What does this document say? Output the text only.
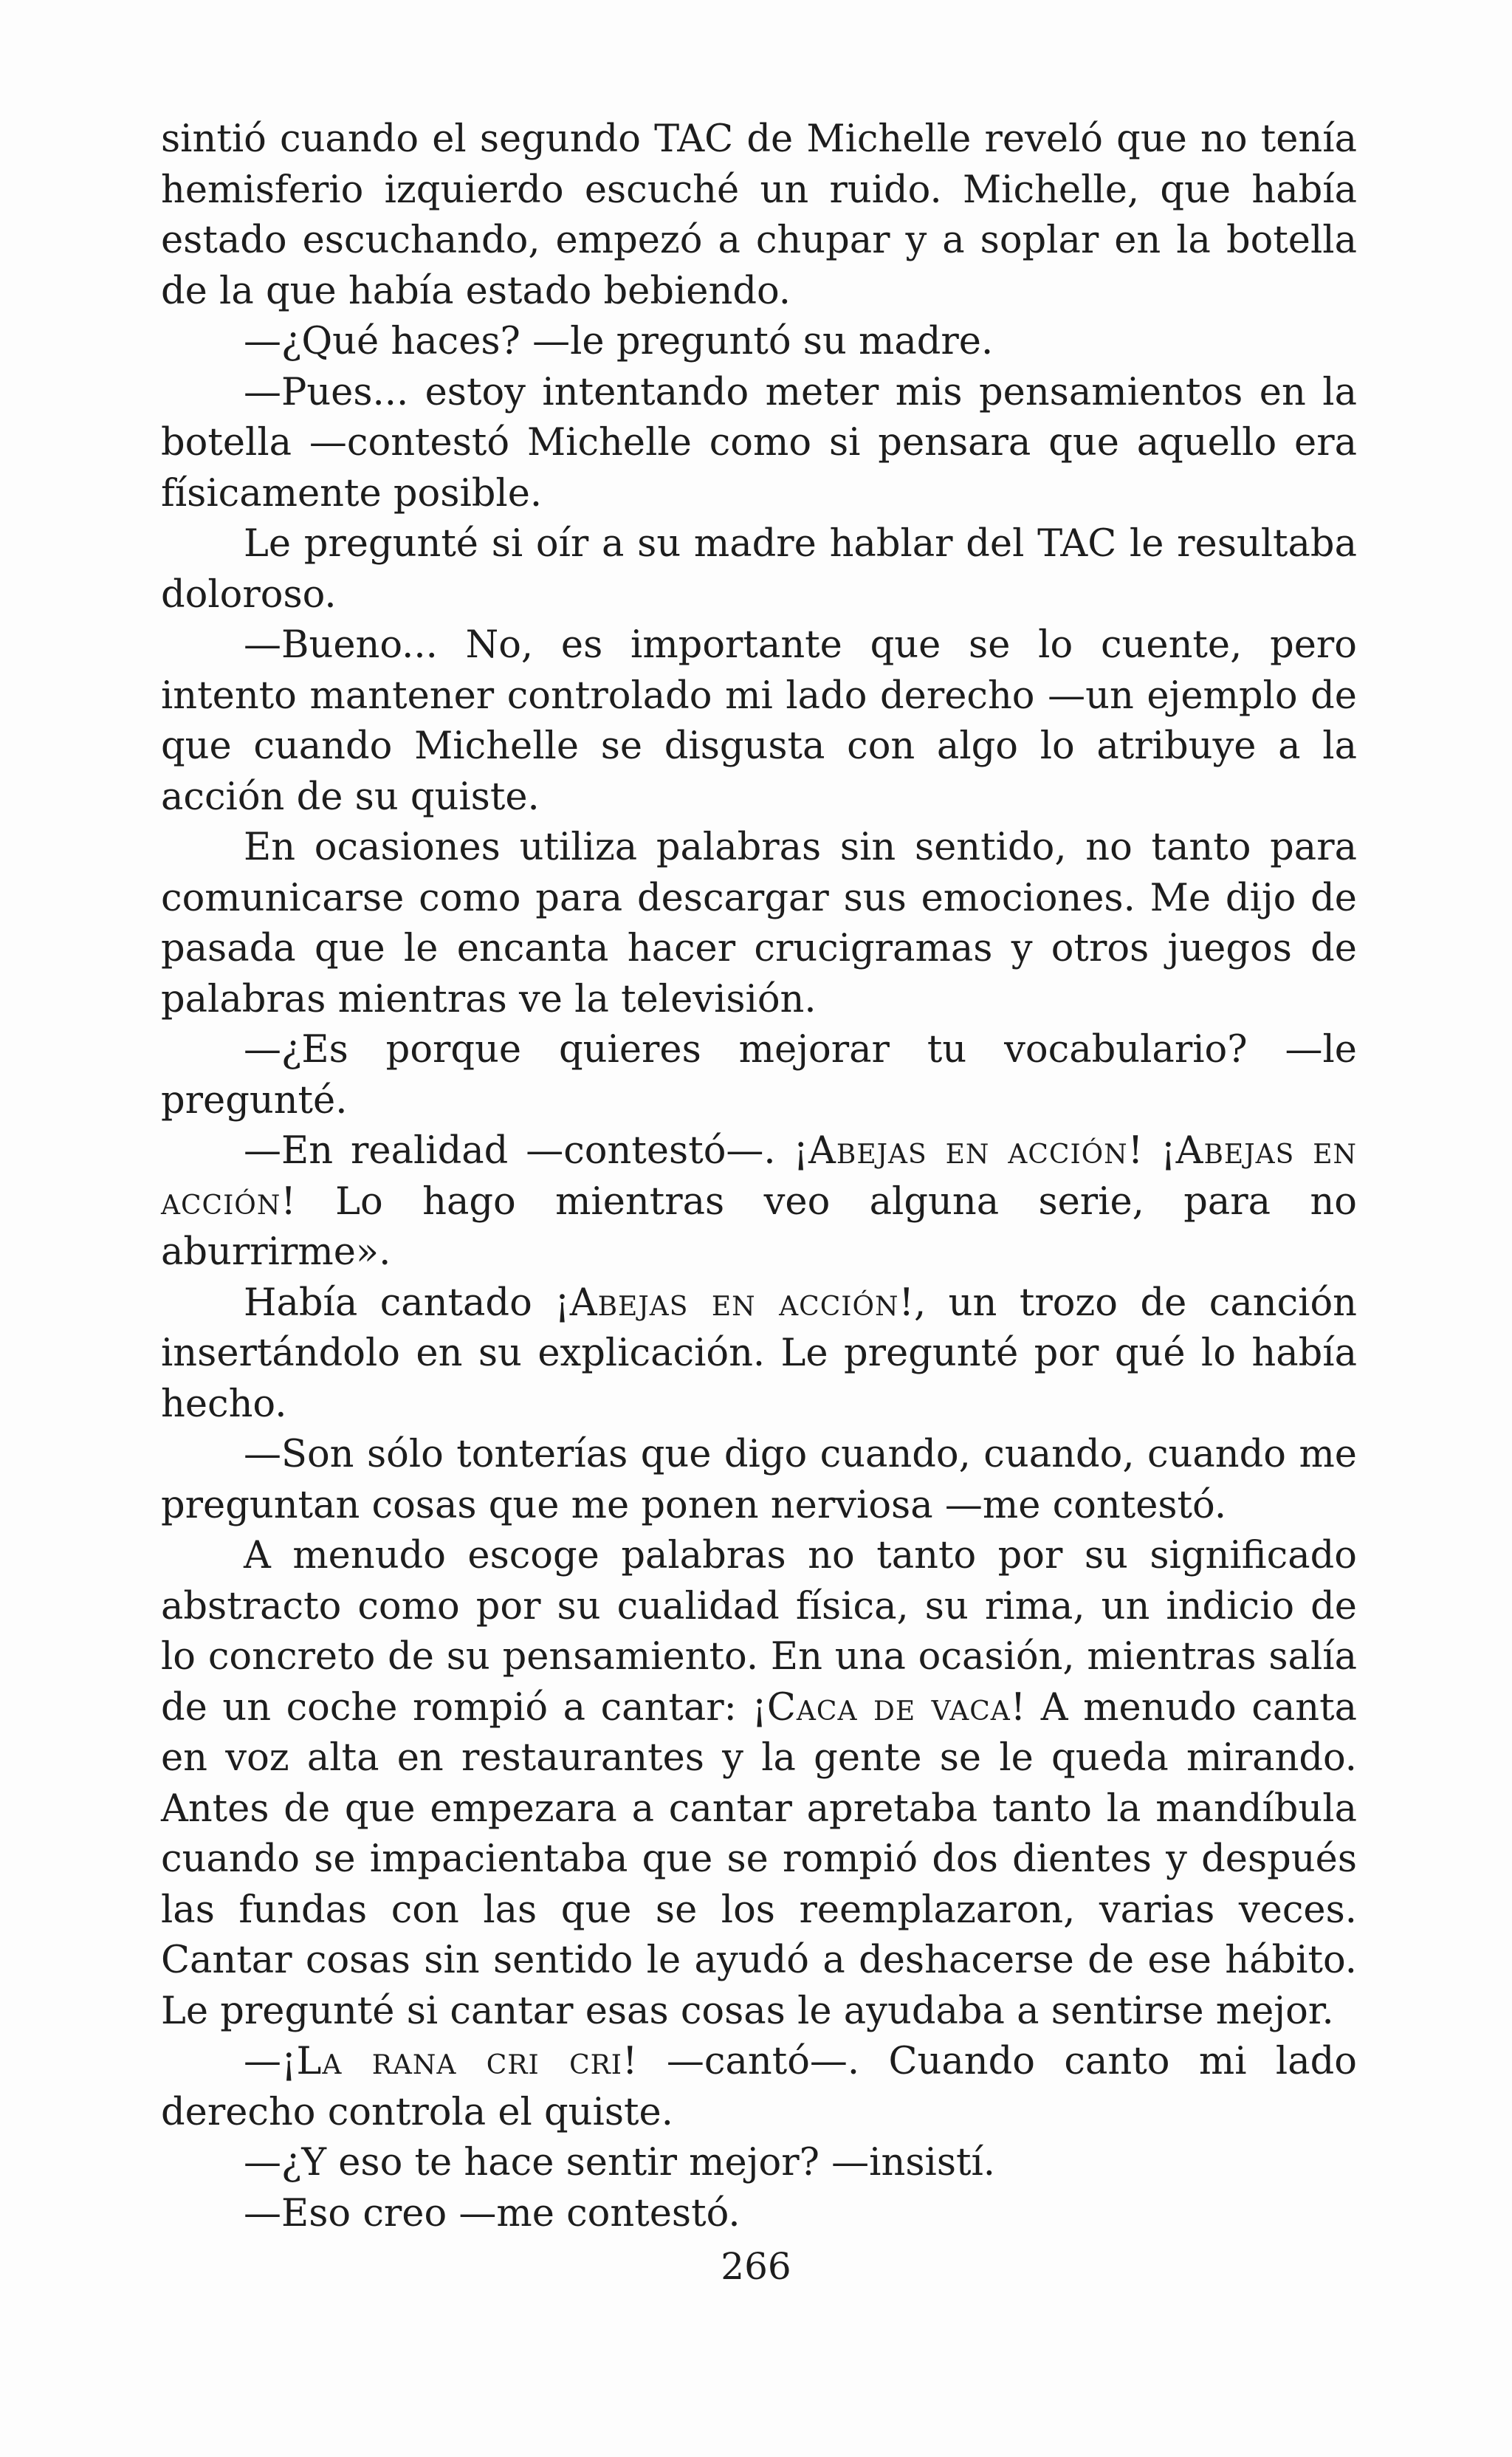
sintió cuando el segundo TAC de Michelle reveló que no tenía hemisferio izquierdo escuché un ruido. Michelle, que había estado escuchando, empezó a chupar y a soplar en la botella de la que había estado bebiendo.

—¿Qué haces? —le preguntó su madre.

—Pues... estoy intentando meter mis pensamientos en la botella —contestó Michelle como si pensara que aquello era físicamente posible.

Le pregunté si oír a su madre hablar del TAC le resultaba doloroso.

—Bueno... No, es importante que se lo cuente, pero intento mantener controlado mi lado derecho —un ejemplo de que cuando Michelle se disgusta con algo lo atribuye a la acción de su quiste.

En ocasiones utiliza palabras sin sentido, no tanto para comunicarse como para descargar sus emociones. Me dijo de pasada que le encanta hacer crucigramas y otros juegos de palabras mientras ve la televisión.

—¿Es porque quieres mejorar tu vocabulario? —le pregunté.

—En realidad —contestó—. ¡Abejas en acción! ¡Abejas en acción! Lo hago mientras veo alguna serie, para no aburrirme».

Había cantado ¡Abejas en acción!, un trozo de canción insertándolo en su explicación. Le pregunté por qué lo había hecho.

—Son sólo tonterías que digo cuando, cuando, cuando me preguntan cosas que me ponen nerviosa —me contestó.

A menudo escoge palabras no tanto por su significado abstracto como por su cualidad física, su rima, un indicio de lo concreto de su pensamiento. En una ocasión, mientras salía de un coche rompió a cantar: ¡Caca de vaca! A menudo canta en voz alta en restaurantes y la gente se le queda mirando. Antes de que empezara a cantar apretaba tanto la mandíbula cuando se impacientaba que se rompió dos dientes y después las fundas con las que se los reemplazaron, varias veces. Cantar cosas sin sentido le ayudó a deshacerse de ese hábito. Le pregunté si cantar esas cosas le ayudaba a sentirse mejor.

—¡La rana cri cri! —cantó—. Cuando canto mi lado derecho controla el quiste.

—¿Y eso te hace sentir mejor? —insistí.

—Eso creo —me contestó.

266
